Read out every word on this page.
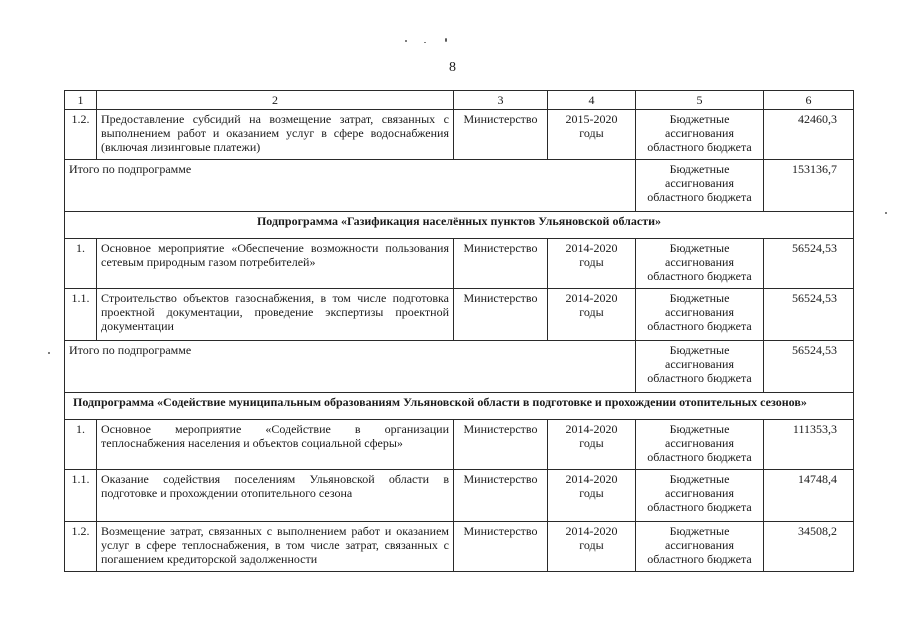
8
1	2	3	4	5	6
1.2.	Предоставление субсидий на возмещение затрат, связанных с выполнением работ и оказанием услуг в сфере водоснабжения (включая лизинговые платежи)	Министерство	2015-2020 годы	Бюджетные ассигнования областного бюджета	42460,3
Итого по подпрограмме				Бюджетные ассигнования областного бюджета	153136,7
Подпрограмма «Газификация населённых пунктов Ульяновской области»					
1.	Основное мероприятие «Обеспечение возможности пользования сетевым природным газом потребителей»	Министерство	2014-2020 годы	Бюджетные ассигнования областного бюджета	56524,53
1.1.	Строительство объектов газоснабжения, в том числе подготовка проектной документации, проведение экспертизы проектной документации	Министерство	2014-2020 годы	Бюджетные ассигнования областного бюджета	56524,53
Итого по подпрограмме				Бюджетные ассигнования областного бюджета	56524,53
Подпрограмма «Содействие муниципальным образованиям Ульяновской области в подготовке и прохождении отопительных сезонов»					
1.	Основное мероприятие «Содействие в организации теплоснабжения населения и объектов социальной сферы»	Министерство	2014-2020 годы	Бюджетные ассигнования областного бюджета	111353,3
1.1.	Оказание содействия поселениям Ульяновской области в подготовке и прохождении отопительного сезона	Министерство	2014-2020 годы	Бюджетные ассигнования областного бюджета	14748,4
1.2.	Возмещение затрат, связанных с выполнением работ и оказанием услуг в сфере теплоснабжения, в том числе затрат, связанных с погашением кредиторской задолженности	Министерство	2014-2020 годы	Бюджетные ассигнования областного бюджета	34508,2
